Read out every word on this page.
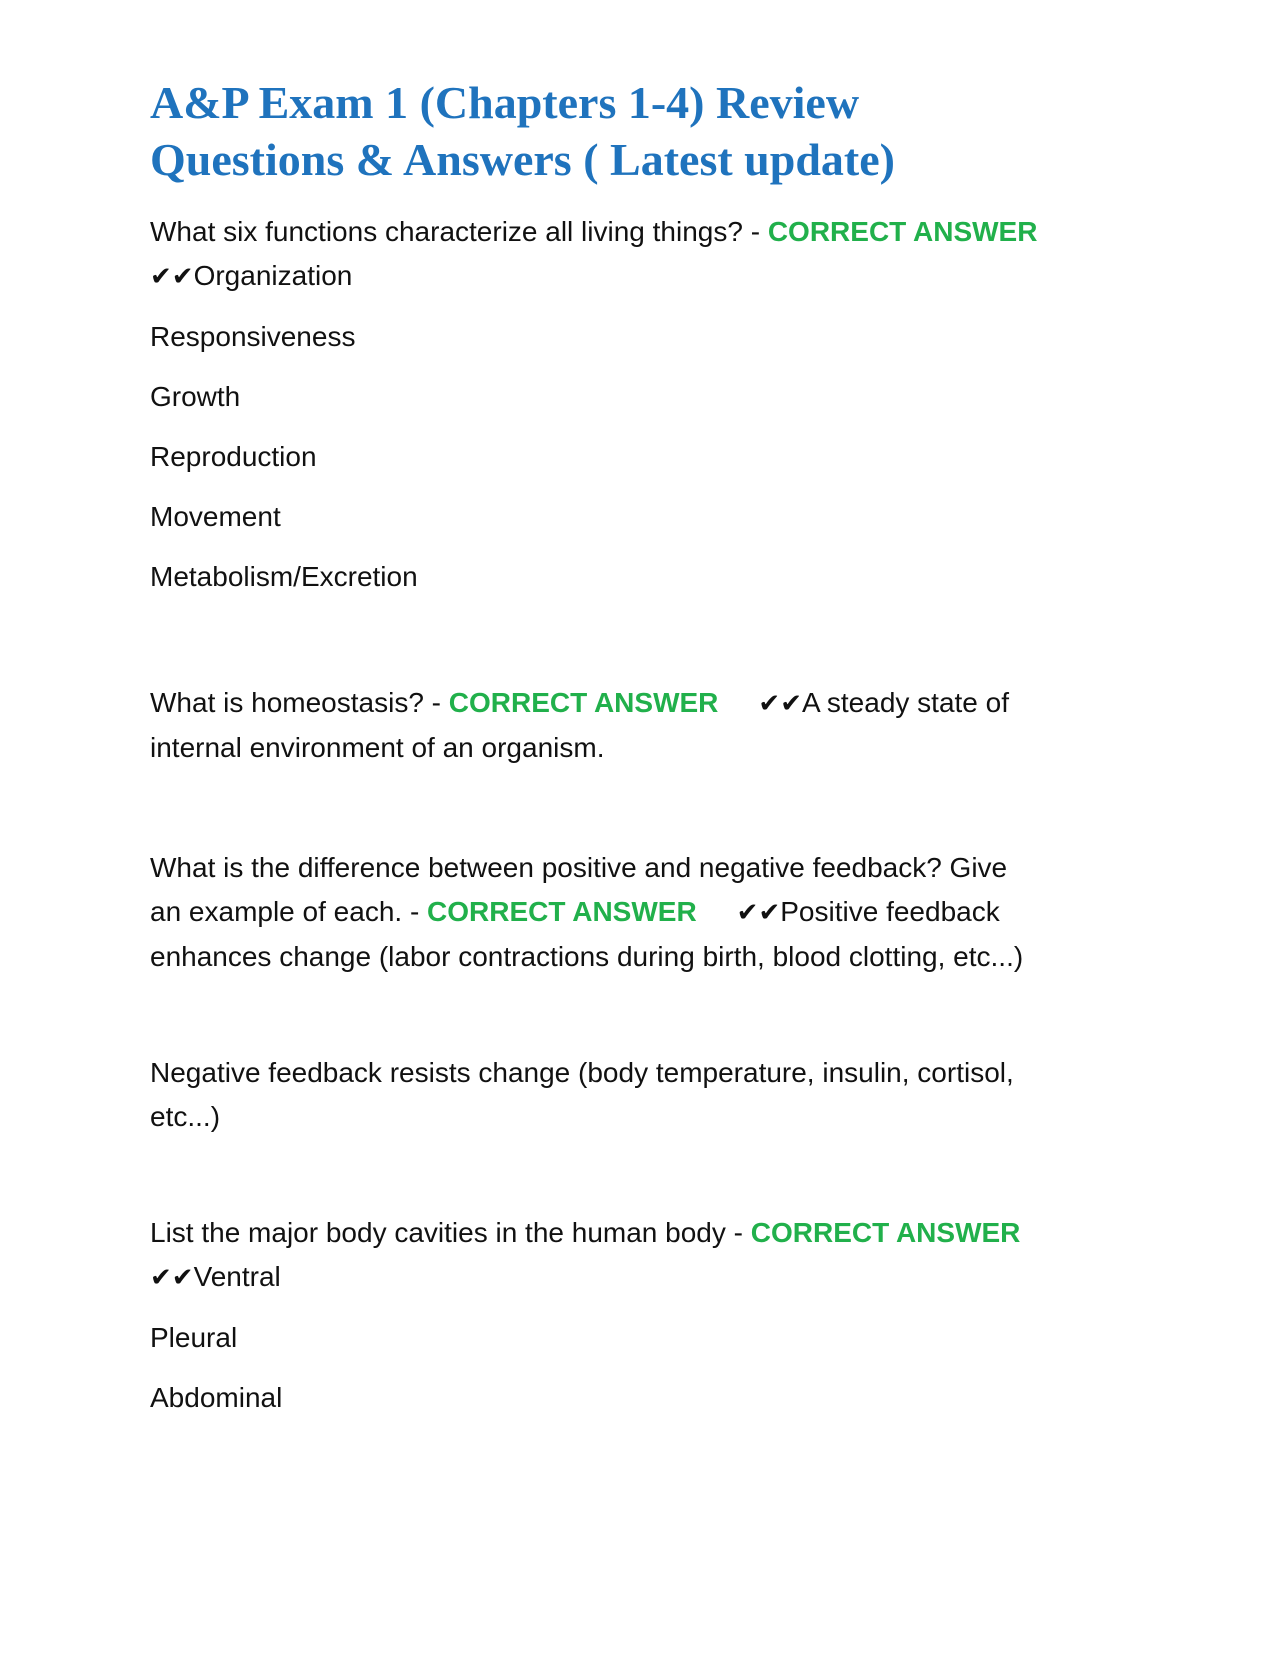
A&P Exam 1 (Chapters 1-4) Review
Questions & Answers ( Latest update)

What six functions characterize all living things? - CORRECT ANSWER

✔✔Organization

Responsiveness

Growth

Reproduction

Movement

Metabolism/Excretion

What is homeostasis? - CORRECT ANSWER ✔✔A steady state of

internal environment of an organism.

What is the difference between positive and negative feedback? Give

an example of each. - CORRECT ANSWER ✔✔Positive feedback

enhances change (labor contractions during birth, blood clotting, etc...)

Negative feedback resists change (body temperature, insulin, cortisol,

etc...)

List the major body cavities in the human body - CORRECT ANSWER

✔✔Ventral

Pleural

Abdominal
